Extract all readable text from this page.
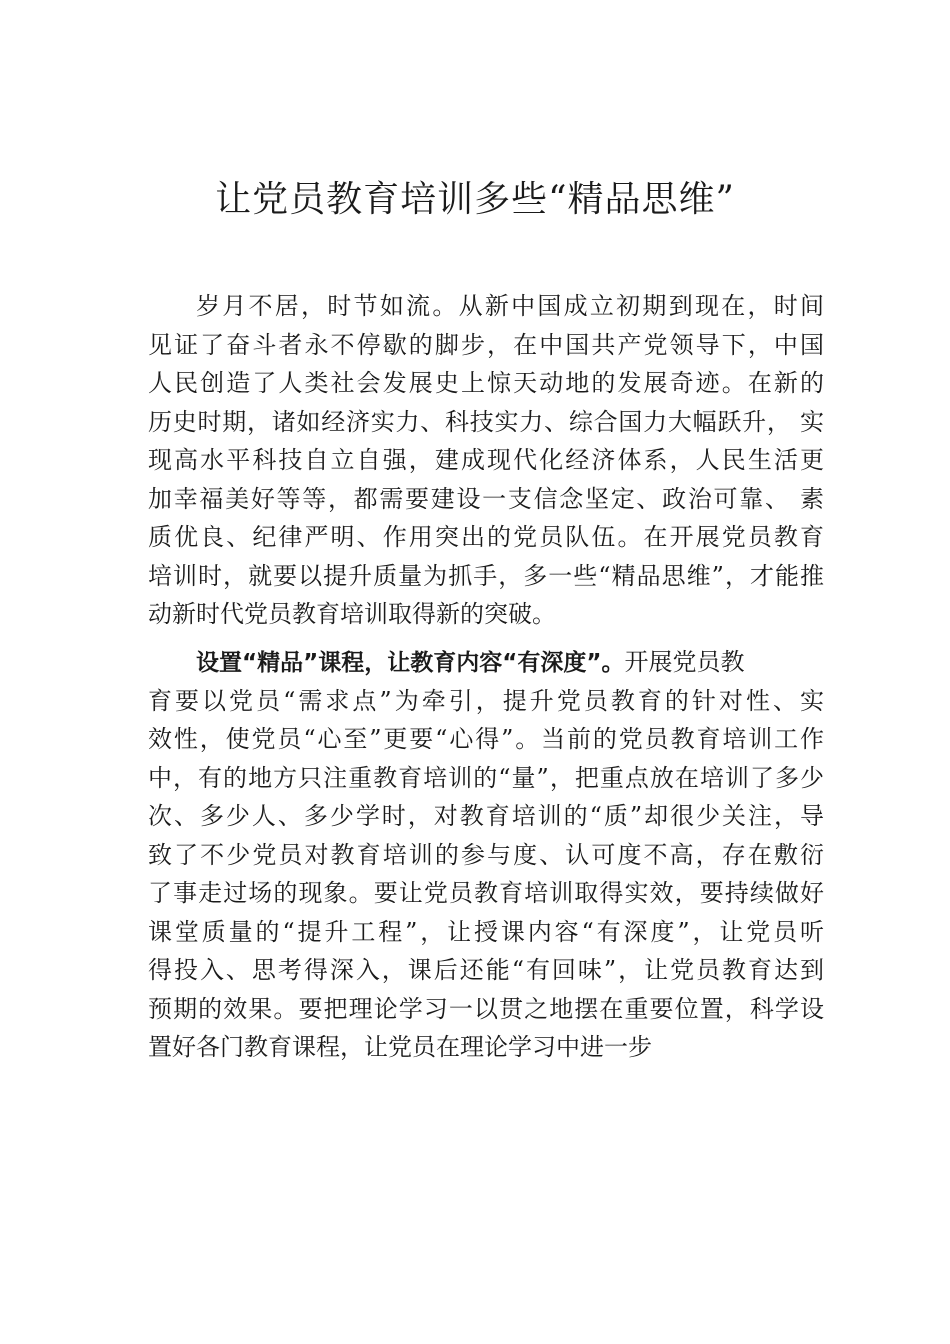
让党员教育培训多些“精品思维”
岁月不居，时节如流。从新中国成立初期到现在，时间
见证了奋斗者永不停歇的脚步，在中国共产党领导下，中国
人民创造了人类社会发展史上惊天动地的发展奇迹。在新的
历史时期，诸如经济实力、科技实力、综合国力大幅跃升， 实
现高水平科技自立自强，建成现代化经济体系，人民生活更
加幸福美好等等，都需要建设一支信念坚定、政治可靠、 素
质优良、纪律严明、作用突出的党员队伍。在开展党员教育
培训时，就要以提升质量为抓手，多一些“精品思维”，才能推
动新时代党员教育培训取得新的突破。
设置“精品”课程，让教育内容“有深度”。开展党员教
育要以党员“需求点”为牵引，提升党员教育的针对性、实
效性，使党员“心至”更要“心得”。当前的党员教育培训工作
中，有的地方只注重教育培训的“量”，把重点放在培训了多少
次、多少人、多少学时，对教育培训的“质”却很少关注，导
致了不少党员对教育培训的参与度、认可度不高，存在敷衍
了事走过场的现象。要让党员教育培训取得实效，要持续做好
课堂质量的“提升工程”，让授课内容“有深度”，让党员听
得投入、思考得深入，课后还能“有回味”，让党员教育达到
预期的效果。要把理论学习一以贯之地摆在重要位置，科学设
置好各门教育课程，让党员在理论学习中进一步
